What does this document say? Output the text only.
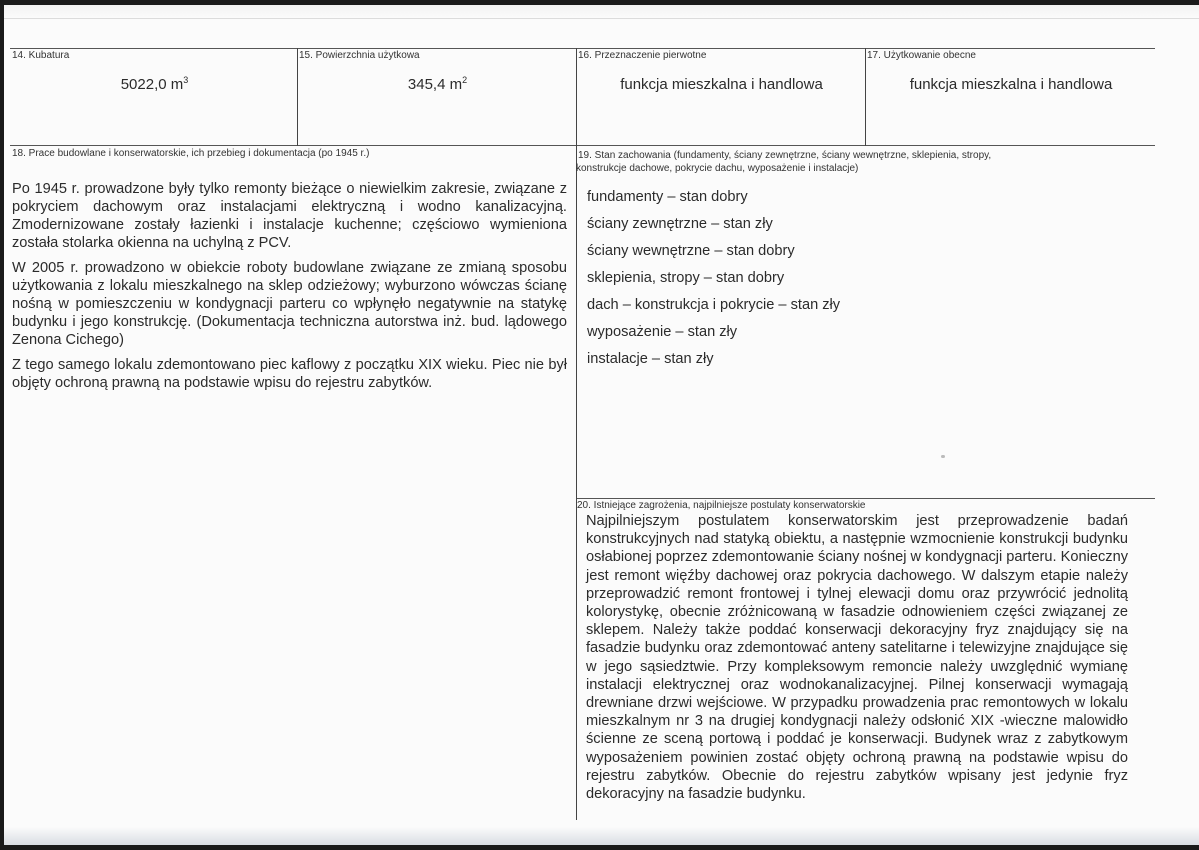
14. Kubatura
5022,0 $m^3$
15. Powierzchnia użytkowa
345,4 $m^2$
16. Przeznaczenie pierwotne
funkcja mieszkalna i handlowa
17. Użytkowanie obecne
funkcja mieszkalna i handlowa
18. Prace budowlane i konserwatorskie, ich przebieg i dokumentacja (po 1945 r.)

Po 1945 r. prowadzone były tylko remonty bieżące o niewielkim zakresie, związane z pokryciem dachowym oraz instalacjami elektryczną i wodno kanalizacyjną. Zmodernizowane zostały łazienki i instalacje kuchenne; częściowo wymieniona została stolarka okienna na uchylną z PCV.

W 2005 r. prowadzono w obiekcie roboty budowlane związane ze zmianą sposobu użytkowania z lokalu mieszkalnego na sklep odzieżowy; wyburzono wówczas ścianę nośną w pomieszczeniu w kondygnacji parteru co wpłynęło negatywnie na statykę budynku i jego konstrukcję. (Dokumentacja techniczna autorstwa inż. bud. lądowego Zenona Cichego)

Z tego samego lokalu zdemontowano piec kaflowy z początku XIX wieku. Piec nie był objęty ochroną prawną na podstawie wpisu do rejestru zabytków.

19. Stan zachowania (fundamenty, ściany zewnętrzne, ściany wewnętrzne, sklepienia, stropy,
konstrukcje dachowe, pokrycie dachu, wyposażenie i instalacje)
fundamenty – stan dobry
ściany zewnętrzne – stan zły
ściany wewnętrzne – stan dobry
sklepienia, stropy – stan dobry
dach – konstrukcja i pokrycie – stan zły
wyposażenie – stan zły
instalacje – stan zły
20. Istniejące zagrożenia, najpilniejsze postulaty konserwatorskie
Najpilniejszym postulatem konserwatorskim jest przeprowadzenie badań konstrukcyjnych nad statyką obiektu, a następnie wzmocnienie konstrukcji budynku osłabionej poprzez zdemontowanie ściany nośnej w kondygnacji parteru. Konieczny jest remont więźby dachowej oraz pokrycia dachowego. W dalszym etapie należy przeprowadzić remont frontowej i tylnej elewacji domu oraz przywrócić jednolitą kolorystykę, obecnie zróżnicowaną w fasadzie odnowieniem części związanej ze sklepem. Należy także poddać konserwacji dekoracyjny fryz znajdujący się na fasadzie budynku oraz zdemontować anteny satelitarne i telewizyjne znajdujące się w jego sąsiedztwie. Przy kompleksowym remoncie należy uwzględnić wymianę instalacji elektrycznej oraz wodnokanalizacyjnej. Pilnej konserwacji wymagają drewniane drzwi wejściowe. W przypadku prowadzenia prac remontowych w lokalu mieszkalnym nr 3 na drugiej kondygnacji należy odsłonić XIX -wieczne malowidło ścienne ze sceną portową i poddać je konserwacji. Budynek wraz z zabytkowym wyposażeniem powinien zostać objęty ochroną prawną na podstawie wpisu do rejestru zabytków. Obecnie do rejestru zabytków wpisany jest jedynie fryz dekoracyjny na fasadzie budynku.
